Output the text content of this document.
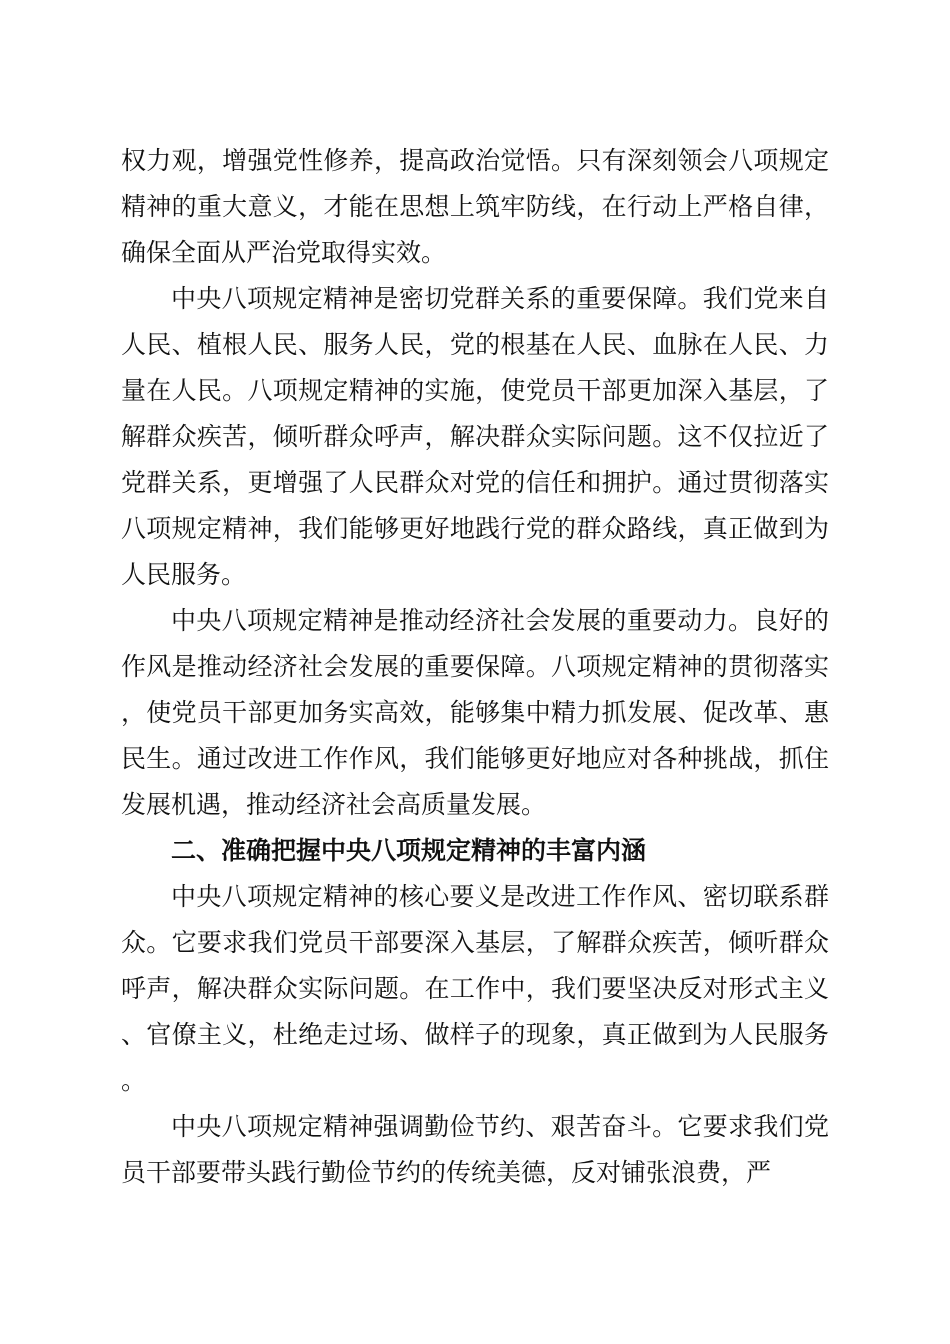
权力观，增强党性修养，提高政治觉悟。只有深刻领会八项规定精神的重大意义，才能在思想上筑牢防线，在行动上严格自律，确保全面从严治党取得实效。

中央八项规定精神是密切党群关系的重要保障。我们党来自人民、植根人民、服务人民，党的根基在人民、血脉在人民、力量在人民。八项规定精神的实施，使党员干部更加深入基层，了解群众疾苦，倾听群众呼声，解决群众实际问题。这不仅拉近了党群关系，更增强了人民群众对党的信任和拥护。通过贯彻落实八项规定精神，我们能够更好地践行党的群众路线，真正做到为人民服务。

中央八项规定精神是推动经济社会发展的重要动力。良好的作风是推动经济社会发展的重要保障。八项规定精神的贯彻落实，使党员干部更加务实高效，能够集中精力抓发展、促改革、惠民生。通过改进工作作风，我们能够更好地应对各种挑战，抓住发展机遇，推动经济社会高质量发展。

二、准确把握中央八项规定精神的丰富内涵

中央八项规定精神的核心要义是改进工作作风、密切联系群众。它要求我们党员干部要深入基层，了解群众疾苦，倾听群众呼声，解决群众实际问题。在工作中，我们要坚决反对形式主义、官僚主义，杜绝走过场、做样子的现象，真正做到为人民服务。

中央八项规定精神强调勤俭节约、艰苦奋斗。它要求我们党员干部要带头践行勤俭节约的传统美德，反对铺张浪费，严
